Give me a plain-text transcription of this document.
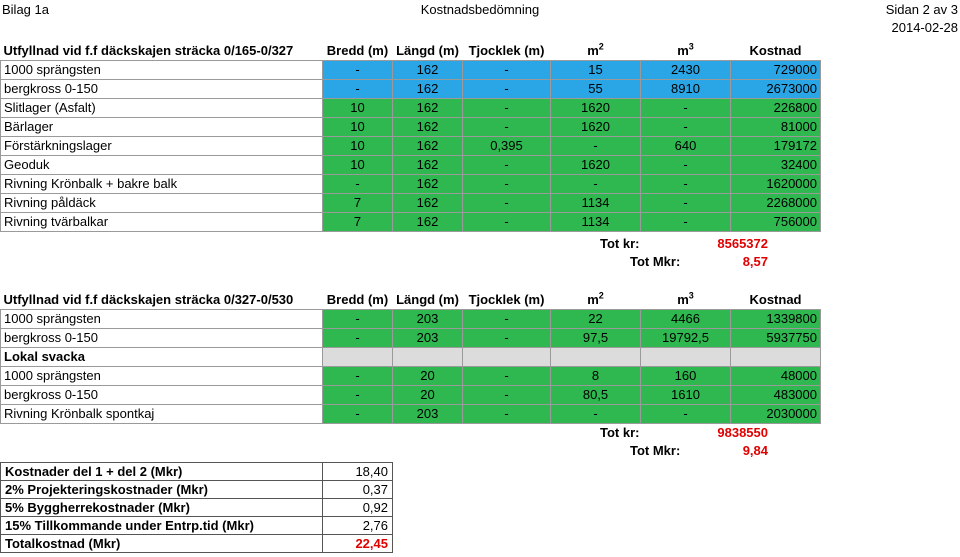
Bilag 1a	Kostnadsbedömning	Sidan 2 av 3
2014-02-28
Utfyllnad vid f.f däckskajen sträcka 0/165-0/327	Bredd (m)	Längd (m)	Tjocklek (m)	$m^2$	$m^3$	Kostnad
1000 sprängsten	-	162	-	15	2430	729000
bergkross 0-150	-	162	-	55	8910	2673000
Slitlager (Asfalt)	10	162	-	1620	-	226800
Bärlager	10	162	-	1620	-	81000
Förstärkningslager	10	162	0,395	-	640	179172
Geoduk	10	162	-	1620	-	32400
Rivning Krönbalk + bakre balk	-	162	-	-	-	1620000
Rivning påldäck	7	162	-	1134	-	2268000
Rivning tvärbalkar	7	162	-	1134	-	756000
Tot kr:	8565372
Tot Mkr:	8,57
Utfyllnad vid f.f däckskajen sträcka 0/327-0/530	Bredd (m)	Längd (m)	Tjocklek (m)	$m^2$	$m^3$	Kostnad
1000 sprängsten	-	203	-	22	4466	1339800
bergkross 0-150	-	203	-	97,5	19792,5	5937750
Lokal svacka						
1000 sprängsten	-	20	-	8	160	48000
bergkross 0-150	-	20	-	80,5	1610	483000
Rivning Krönbalk spontkaj	-	203	-	-	-	2030000
Tot kr:	9838550
Tot Mkr:	9,84
Kostnader del 1 + del 2 (Mkr)	18,40
2% Projekteringskostnader (Mkr)	0,37
5% Byggherrekostnader (Mkr)	0,92
15% Tillkommande under Entrp.tid (Mkr)	2,76
Totalkostnad (Mkr)	22,45
